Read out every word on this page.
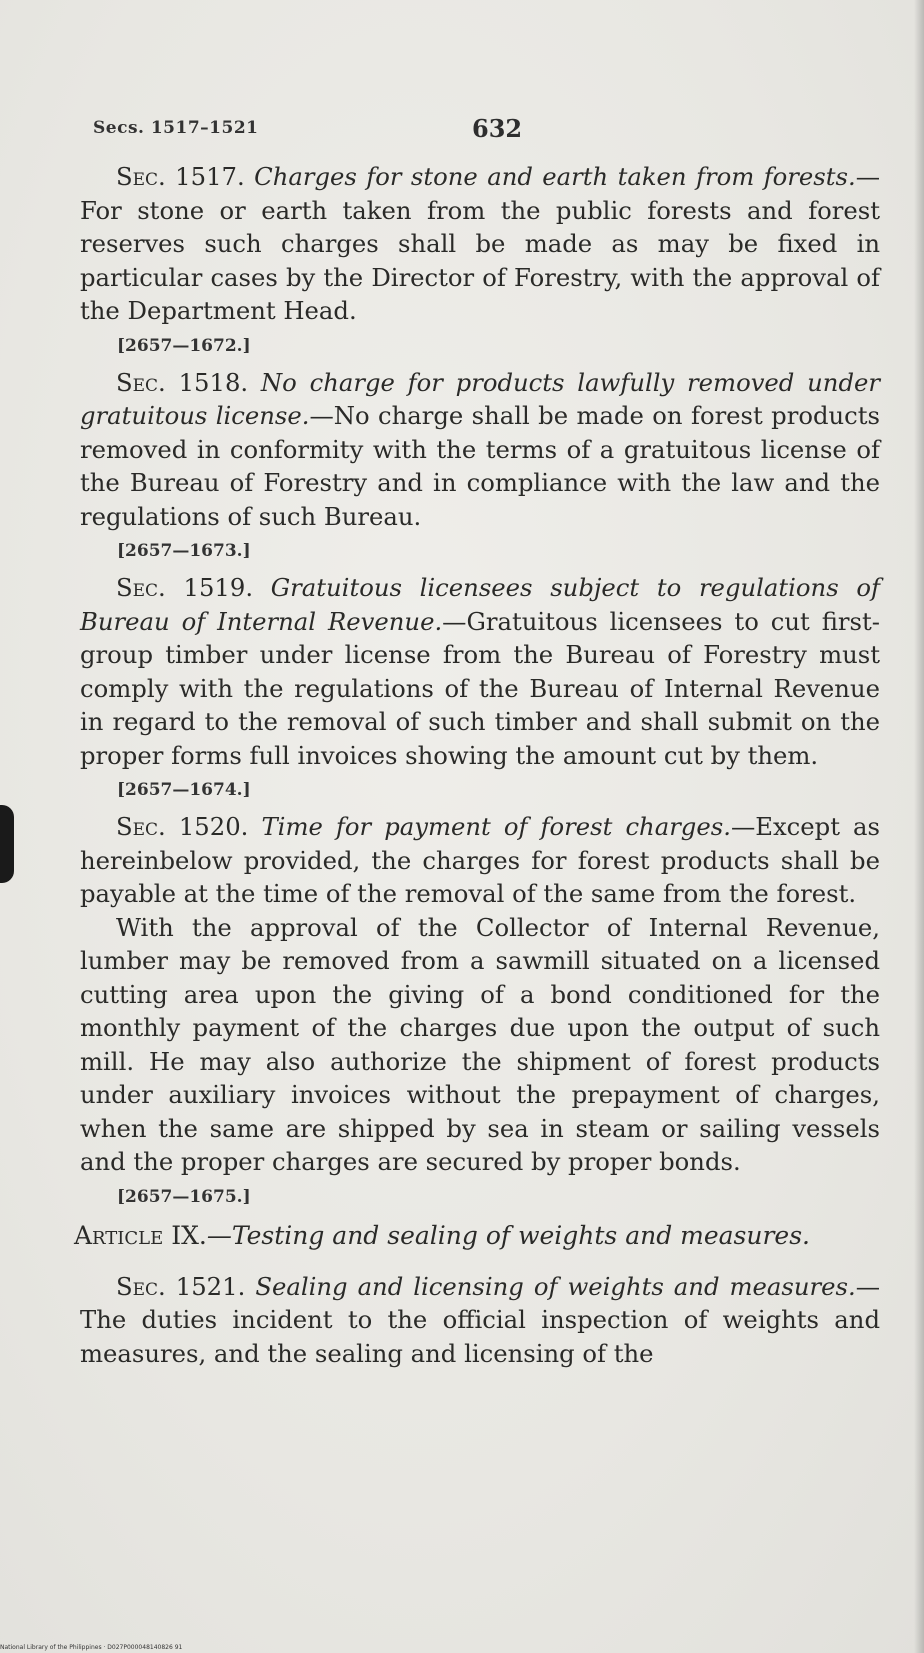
Secs. 1517–1521	632

Sec. 1517. Charges for stone and earth taken from forests.—For stone or earth taken from the public forests and forest reserves such charges shall be made as may be fixed in particular cases by the Director of Forestry, with the approval of the Department Head.

[2657—1672.]

Sec. 1518. No charge for products lawfully removed under gratuitous license.—No charge shall be made on forest products removed in conformity with the terms of a gratuitous license of the Bureau of Forestry and in compliance with the law and the regulations of such Bureau.

[2657—1673.]

Sec. 1519. Gratuitous licensees subject to regulations of Bureau of Internal Revenue.—Gratuitous licensees to cut first-group timber under license from the Bureau of Forestry must comply with the regulations of the Bureau of Internal Revenue in regard to the removal of such timber and shall submit on the proper forms full invoices showing the amount cut by them.

[2657—1674.]

Sec. 1520. Time for payment of forest charges.—Except as hereinbelow provided, the charges for forest products shall be payable at the time of the removal of the same from the forest.

With the approval of the Collector of Internal Revenue, lumber may be removed from a sawmill situated on a licensed cutting area upon the giving of a bond conditioned for the monthly payment of the charges due upon the output of such mill. He may also authorize the shipment of forest products under auxiliary invoices without the prepayment of charges, when the same are shipped by sea in steam or sailing vessels and the proper charges are secured by proper bonds.

[2657—1675.]

Article IX.—Testing and sealing of weights and measures.

Sec. 1521. Sealing and licensing of weights and measures.—The duties incident to the official inspection of weights and measures, and the sealing and licensing of the

National Library of the Philippines · D027P000048140826 91
